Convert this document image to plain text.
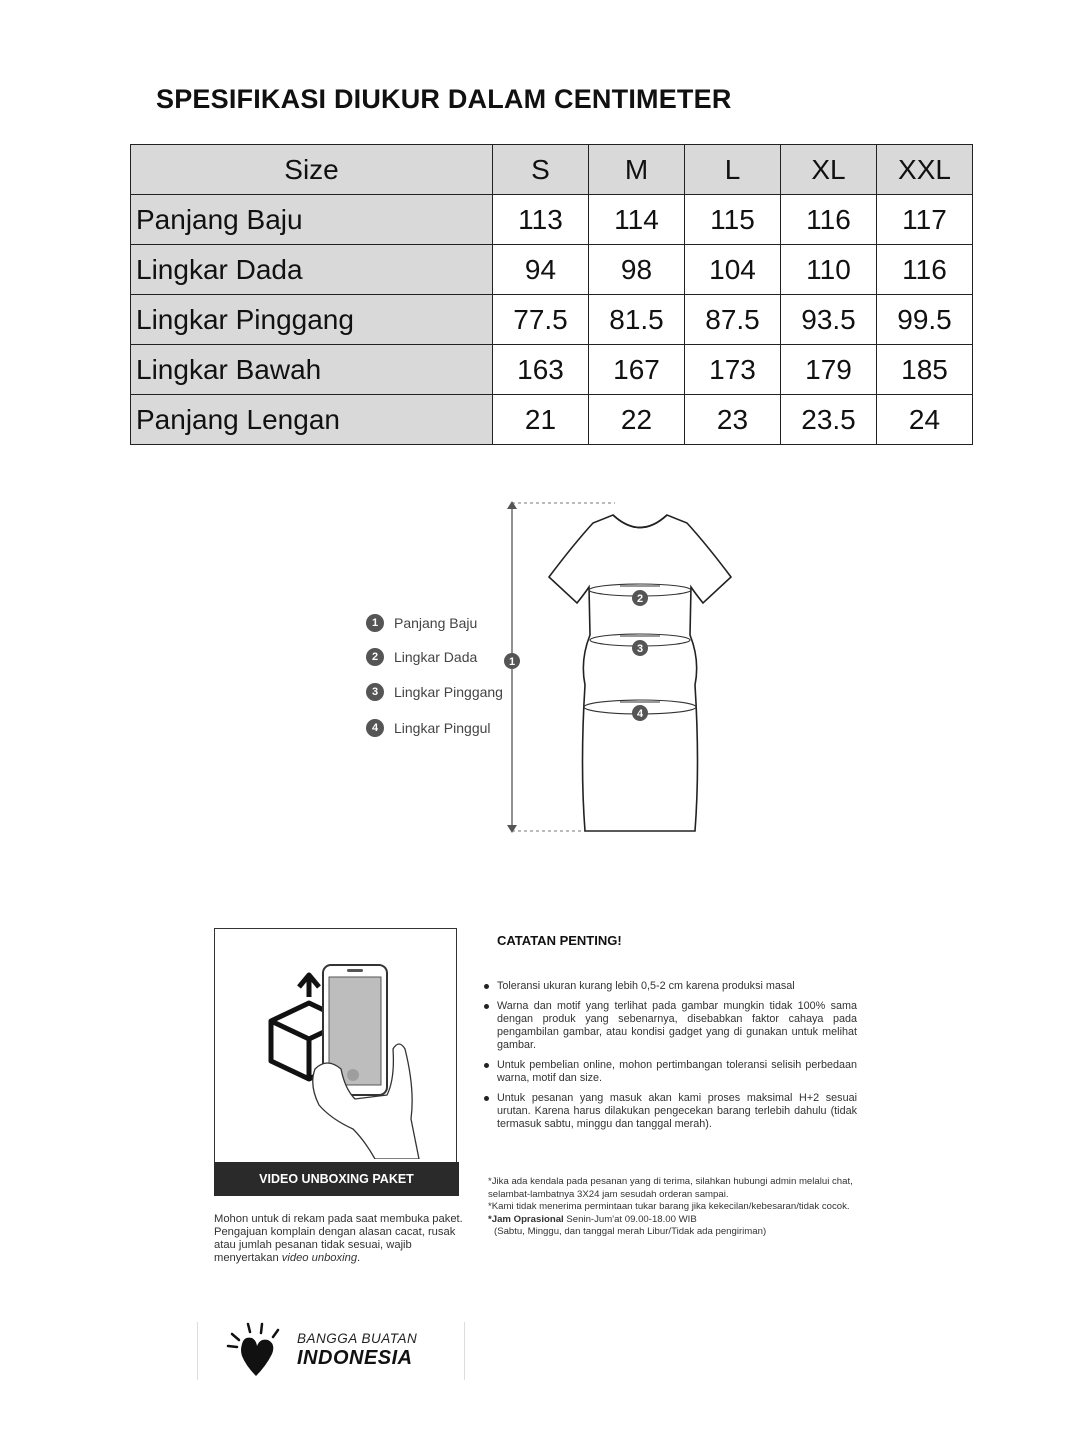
SPESIFIKASI DIUKUR DALAM CENTIMETER
Size	S	M	L	XL	XXL
Panjang Baju	113	114	115	116	117
Lingkar Dada	94	98	104	110	116
Lingkar Pinggang	77.5	81.5	87.5	93.5	99.5
Lingkar Bawah	163	167	173	179	185
Panjang Lengan	21	22	23	23.5	24
1	Panjang Baju
2	Lingkar Dada
3	Lingkar Pinggang
4	Lingkar Pinggul
1
2
3
4
VIDEO UNBOXING PAKET
Mohon untuk di rekam pada saat membuka paket. Pengajuan komplain dengan alasan cacat, rusak atau jumlah pesanan tidak sesuai, wajib menyertakan video unboxing.
CATATAN PENTING!
Toleransi ukuran kurang lebih 0,5-2 cm karena produksi masal
Warna dan motif yang terlihat pada gambar mungkin tidak 100% sama dengan produk yang sebenarnya, disebabkan faktor cahaya pada pengambilan gambar, atau kondisi gadget yang di gunakan untuk melihat gambar.
Untuk pembelian online, mohon pertimbangan toleransi selisih perbedaan warna, motif dan size.
Untuk pesanan yang masuk akan kami proses maksimal H+2 sesuai urutan. Karena harus dilakukan pengecekan barang terlebih dahulu (tidak termasuk sabtu, minggu dan tanggal merah).

*Jika ada kendala pada pesanan yang di terima, silahkan hubungi admin melalui chat, selambat-lambatnya 3X24 jam sesudah orderan sampai.

*Kami tidak menerima permintaan tukar barang jika kekecilan/kebesaran/tidak cocok.

*Jam Oprasional Senin-Jum'at 09.00-18.00 WIB

(Sabtu, Minggu, dan tanggal merah Libur/Tidak ada pengiriman)

BANGGA BUATAN
INDONESIA
